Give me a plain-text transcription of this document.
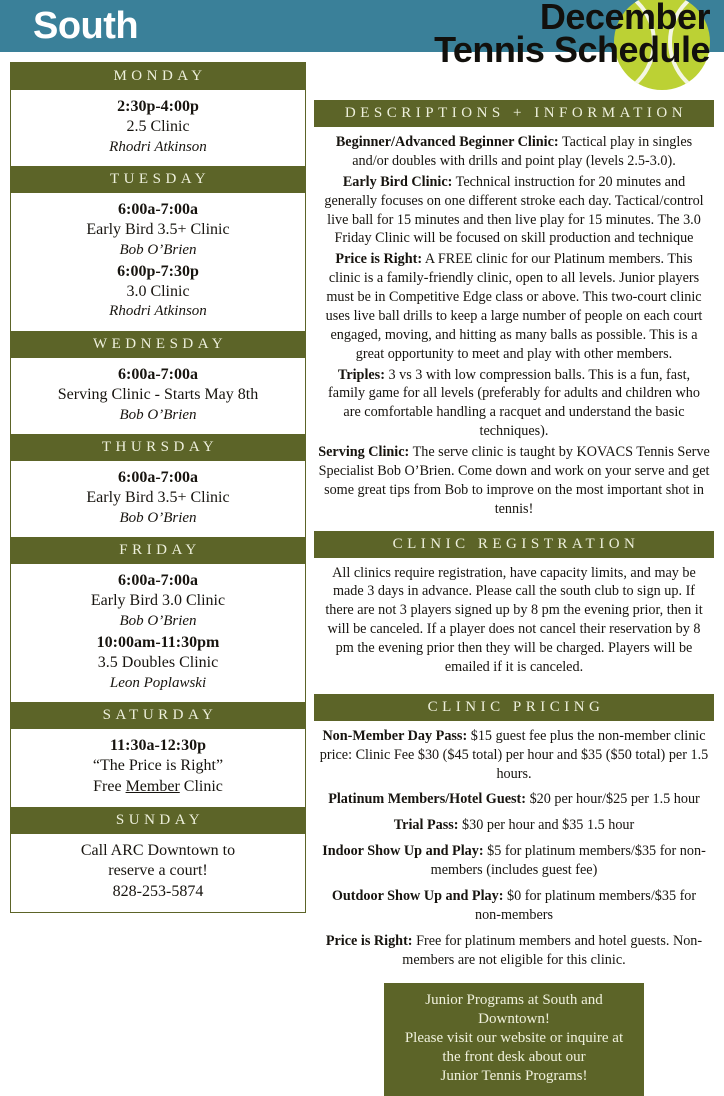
South	December
Tennis Schedule
MONDAY
2:30p-4:00p
2.5 Clinic
Rhodri Atkinson
TUESDAY
6:00a-7:00a
Early Bird 3.5+ Clinic
Bob O’Brien
6:00p-7:30p
3.0 Clinic
Rhodri Atkinson
WEDNESDAY
6:00a-7:00a
Serving Clinic - Starts May 8th
Bob O’Brien
THURSDAY
6:00a-7:00a
Early Bird 3.5+ Clinic
Bob O’Brien
FRIDAY
6:00a-7:00a
Early Bird 3.0 Clinic
Bob O’Brien
10:00am-11:30pm
3.5 Doubles Clinic
Leon Poplawski
SATURDAY
11:30a-12:30p
“The Price is Right”
Free Member Clinic
SUNDAY
Call ARC Downtown to
reserve a court!
828-253-5874
DESCRIPTIONS + INFORMATION
Beginner/Advanced Beginner Clinic: Tactical play in singles and/or doubles with drills and point play (levels 2.5-3.0).
Early Bird Clinic: Technical instruction for 20 minutes and generally focuses on one different stroke each day. Tactical/control live ball for 15 minutes and then live play for 15 minutes. The 3.0 Friday Clinic will be focused on skill production and technique
Price is Right: A FREE clinic for our Platinum members. This clinic is a family-friendly clinic, open to all levels. Junior players must be in Competitive Edge class or above. This two-court clinic uses live ball drills to keep a large number of people on each court engaged, moving, and hitting as many balls as possible. This is a great opportunity to meet and play with other members.
Triples: 3 vs 3 with low compression balls. This is a fun, fast, family game for all levels (preferably for adults and children who are comfortable handling a racquet and understand the basic techniques).
Serving Clinic: The serve clinic is taught by KOVACS Tennis Serve Specialist Bob O’Brien. Come down and work on your serve and get some great tips from Bob to improve on the most important shot in tennis!
CLINIC REGISTRATION
All clinics require registration, have capacity limits, and may be made 3 days in advance. Please call the south club to sign up. If there are not 3 players signed up by 8 pm the evening prior, then it will be canceled. If a player does not cancel their reservation by 8 pm the evening prior then they will be charged. Players will be emailed if it is canceled.
CLINIC PRICING
Non-Member Day Pass: $15 guest fee plus the non-member clinic price: Clinic Fee $30 ($45 total) per hour and $35 ($50 total) per 1.5 hours.
Platinum Members/Hotel Guest: $20 per hour/$25 per 1.5 hour
Trial Pass: $30 per hour and $35 1.5 hour
Indoor Show Up and Play: $5 for platinum members/$35 for non-members (includes guest fee)
Outdoor Show Up and Play: $0 for platinum members/$35 for non-members
Price is Right: Free for platinum members and hotel guests. Non-members are not eligible for this clinic.
Junior Programs at South and
Downtown!
Please visit our website or inquire at
the front desk about our
Junior Tennis Programs!
